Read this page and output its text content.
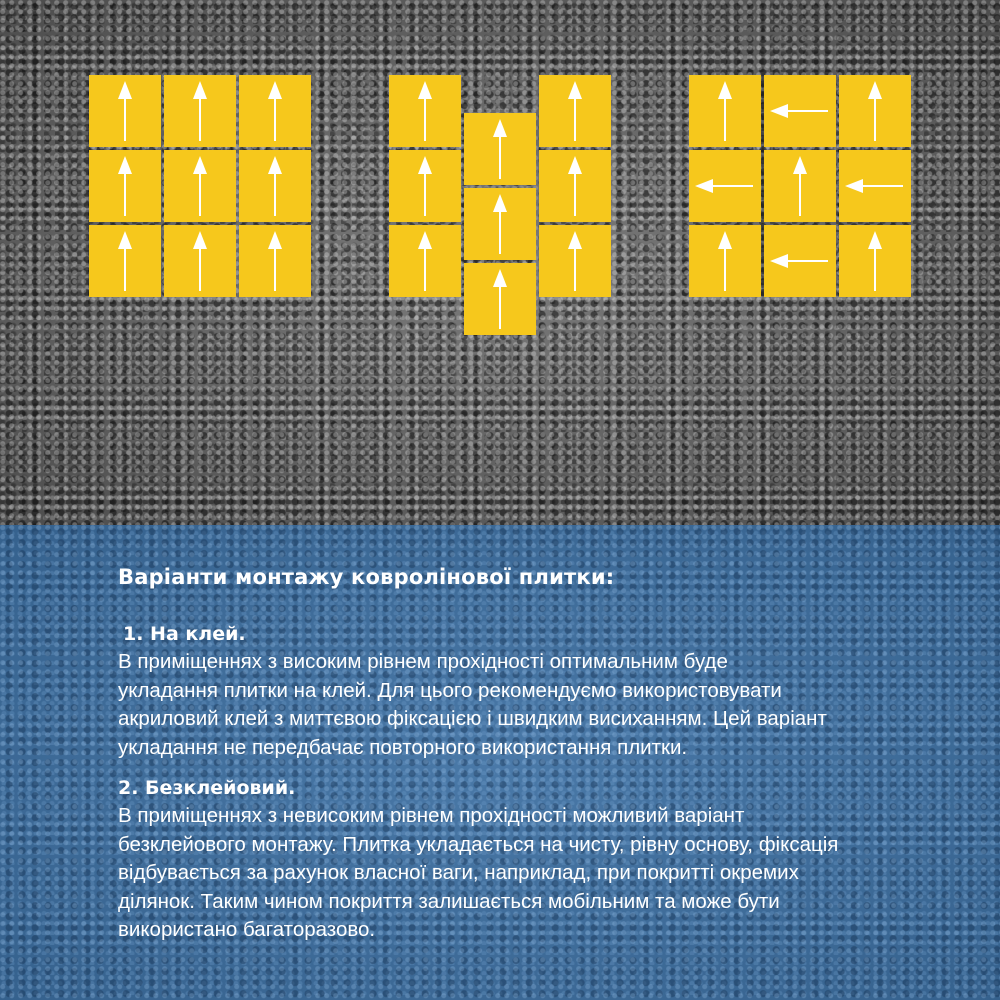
Варіанти монтажу ковролінової плитки:
1. На клей.
В приміщеннях з високим рівнем прохідності оптимальним буде
укладання плитки на клей. Для цього рекомендуємо використовувати
акриловий клей з миттєвою фіксацією і швидким висиханням. Цей варіант
укладання не передбачає повторного використання плитки.
2. Безклейовий.
В приміщеннях з невисоким рівнем прохідності можливий варіант
безклейового монтажу. Плитка укладається на чисту, рівну основу, фіксація
відбувається за рахунок власної ваги, наприклад, при покритті окремих
ділянок. Таким чином покриття залишається мобільним та може бути
використано багаторазово.
